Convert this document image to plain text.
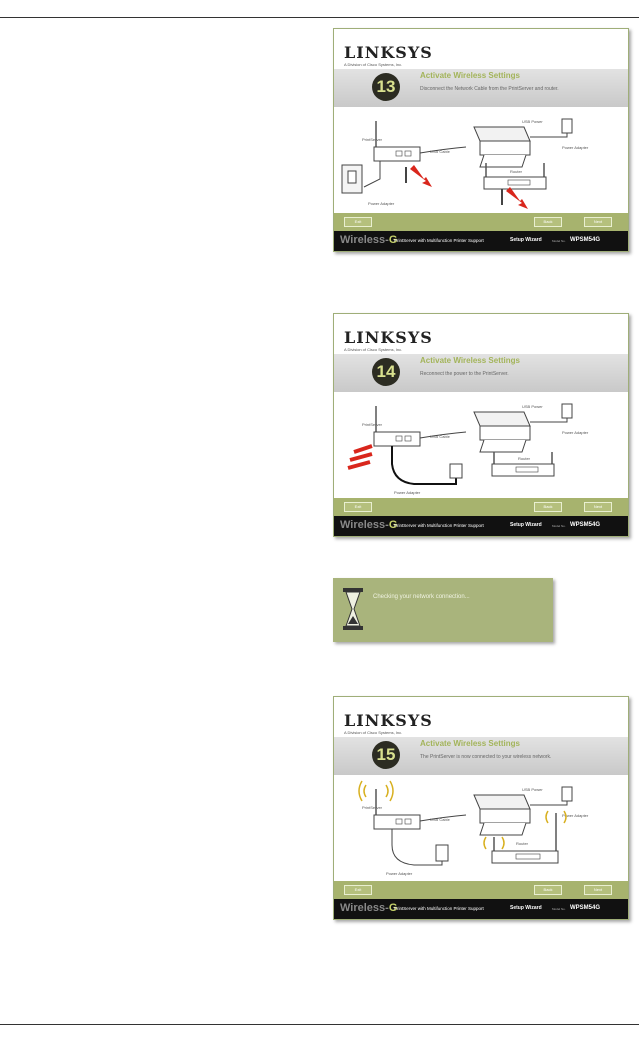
LINKSYS
A Division of Cisco Systems, Inc.
13
Activate Wireless Settings
Disconnect the Network Cable from the PrintServer and router.
PrintServer
USB Cable
USB Power
Power Adapter
Router
Power Adapter
Exit	Back	Next
Wireless-G
PrintServer with Multifunction Printer Support	Setup Wizard	Model No. WPSM54G
LINKSYS
A Division of Cisco Systems, Inc.
14
Activate Wireless Settings
Reconnect the power to the PrintServer.
PrintServer
USB Cable
USB Power
Power Adapter
Router
Power Adapter
Exit	Back	Next
Wireless-G
PrintServer with Multifunction Printer Support	Setup Wizard	Model No. WPSM54G
Checking your network connection...
LINKSYS
A Division of Cisco Systems, Inc.
15
Activate Wireless Settings
The PrintServer is now connected to your wireless network.
PrintServer
USB Cable
USB Power
Power Adapter
Router
Power Adapter
Exit	Back	Next
Wireless-G
PrintServer with Multifunction Printer Support	Setup Wizard	Model No. WPSM54G
